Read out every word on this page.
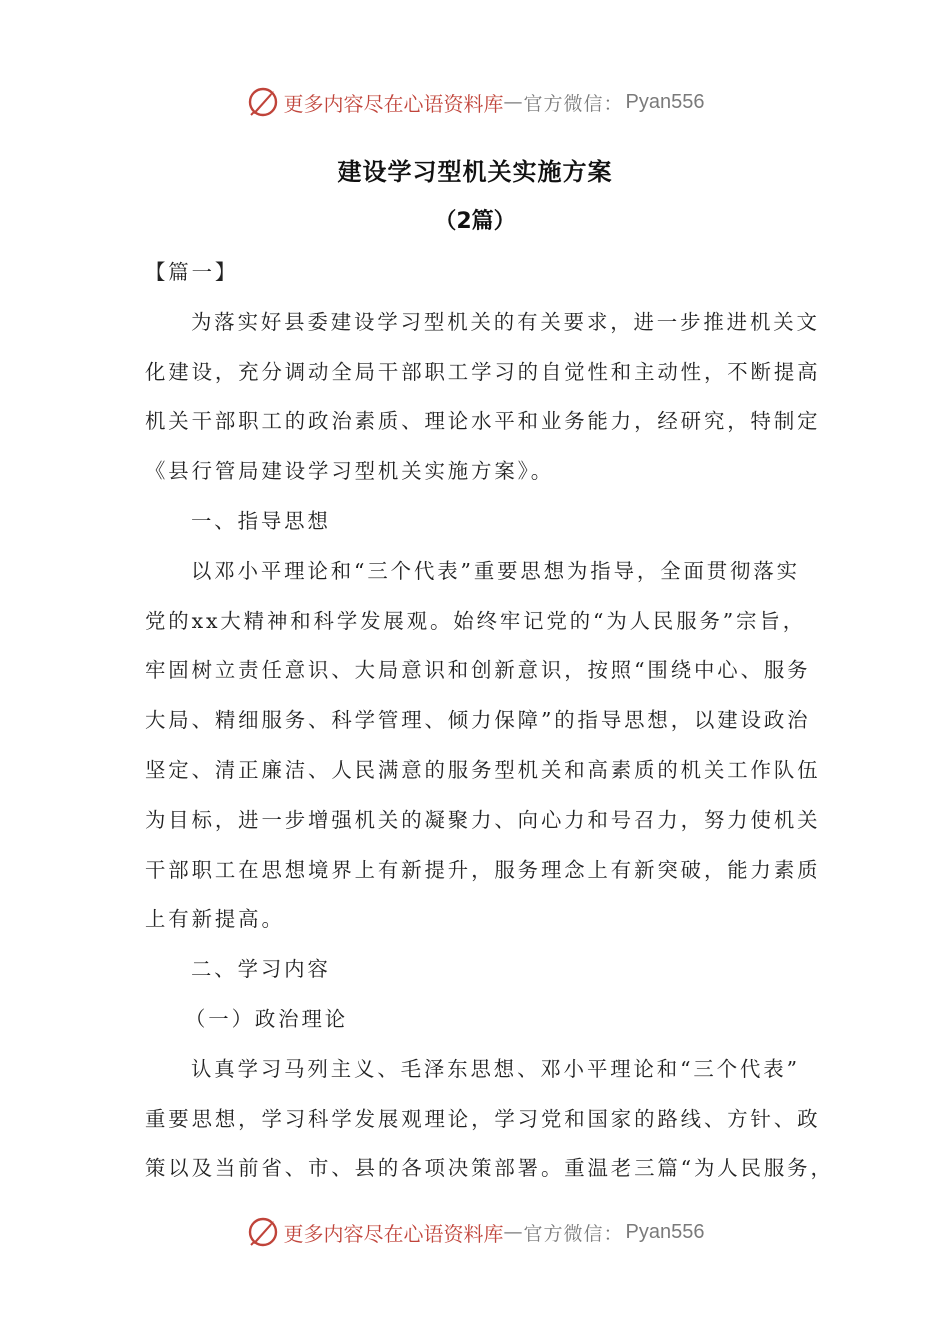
更多内容尽在心语资料库 — 官方微信： Pyan556
建设学习型机关实施方案
（2篇）
【篇一】
为落实好县委建设学习型机关的有关要求，进一步推进机关文
化建设，充分调动全局干部职工学习的自觉性和主动性，不断提高
机关干部职工的政治素质、理论水平和业务能力，经研究，特制定
《县行管局建设学习型机关实施方案》。
一、指导思想
以邓小平理论和“三个代表”重要思想为指导，全面贯彻落实
党的xx大精神和科学发展观。始终牢记党的“为人民服务”宗旨，
牢固树立责任意识、大局意识和创新意识，按照“围绕中心、服务
大局、精细服务、科学管理、倾力保障”的指导思想，以建设政治
坚定、清正廉洁、人民满意的服务型机关和高素质的机关工作队伍
为目标，进一步增强机关的凝聚力、向心力和号召力，努力使机关
干部职工在思想境界上有新提升，服务理念上有新突破，能力素质
上有新提高。
二、学习内容
（一）政治理论
认真学习马列主义、毛泽东思想、邓小平理论和“三个代表”
重要思想，学习科学发展观理论，学习党和国家的路线、方针、政
策以及当前省、市、县的各项决策部署。重温老三篇“为人民服务，
更多内容尽在心语资料库 — 官方微信： Pyan556
